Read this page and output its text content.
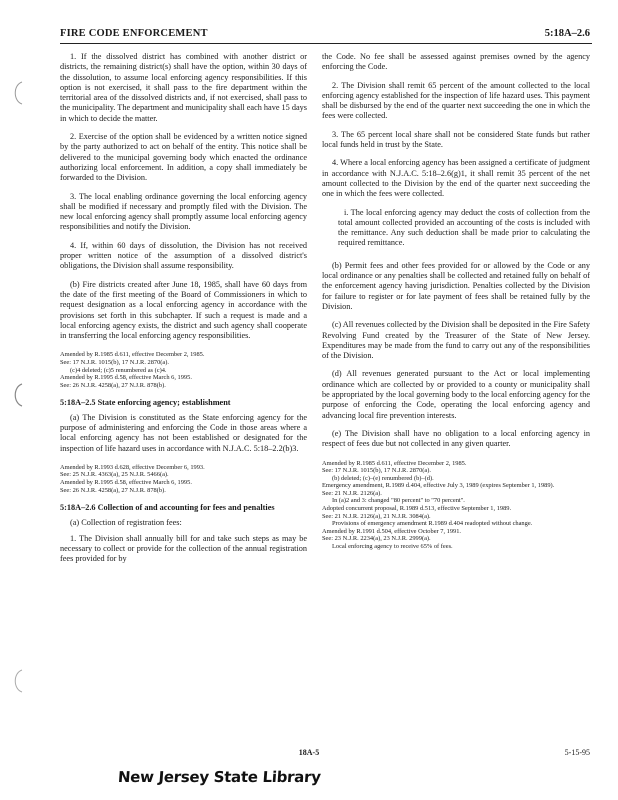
FIRE CODE ENFORCEMENT	5:18A–2.6

1. If the dissolved district has combined with another district or districts, the remaining district(s) shall have the option, within 30 days of the dissolution, to assume local enforcing agency responsibilities. If this option is not exercised, it shall pass to the fire department within the territorial area of the dissolved districts and, if not exercised, shall pass to the municipality. The department and municipality shall each have 15 days in which to decide the matter.

2. Exercise of the option shall be evidenced by a written notice signed by the party authorized to act on behalf of the entity. This notice shall be delivered to the municipal governing body which enacted the ordinance authorizing local enforcement. In addition, a copy shall immediately be forwarded to the Division.

3. The local enabling ordinance governing the local enforcing agency shall be modified if necessary and promptly filed with the Division. The new local enforcing agency shall promptly assume local enforcing agency responsibilities and notify the Division.

4. If, within 60 days of dissolution, the Division has not received proper written notice of the assumption of a dissolved district's obligations, the Division shall assume responsibility.

(b) Fire districts created after June 18, 1985, shall have 60 days from the date of the first meeting of the Board of Commissioners in which to request designation as a local enforcing agency in accordance with the provisions set forth in this subchapter. If such a request is made and a local enforcing agency exists, the district and such agency shall cooperate in transferring the local enforcing agency responsibilities.

Amended by R.1985 d.611, effective December 2, 1985.
See: 17 N.J.R. 1015(b), 17 N.J.R. 2870(a).
(c)4 deleted; (c)5 renumbered as (c)4.
Amended by R.1995 d.58, effective March 6, 1995.
See: 26 N.J.R. 4258(a), 27 N.J.R. 878(b).

5:18A–2.5 State enforcing agency; establishment

(a) The Division is constituted as the State enforcing agency for the purpose of administering and enforcing the Code in those areas where a local enforcing agency has not been established or designated for the inspection of life hazard uses in accordance with N.J.A.C. 5:18–2.2(b)3.

Amended by R.1993 d.628, effective December 6, 1993.
See: 25 N.J.R. 4363(a), 25 N.J.R. 5466(a).
Amended by R.1995 d.58, effective March 6, 1995.
See: 26 N.J.R. 4258(a), 27 N.J.R. 878(b).

5:18A–2.6 Collection of and accounting for fees and penalties

(a) Collection of registration fees:

1. The Division shall annually bill for and take such steps as may be necessary to collect or provide for the collection of the annual registration fees provided for by

the Code. No fee shall be assessed against premises owned by the agency enforcing the Code.

2. The Division shall remit 65 percent of the amount collected to the local enforcing agency established for the inspection of life hazard uses. This payment shall be disbursed by the end of the quarter next succeeding the one in which the fees were collected.

3. The 65 percent local share shall not be considered State funds but rather local funds held in trust by the State.

4. Where a local enforcing agency has been assigned a certificate of judgment in accordance with N.J.A.C. 5:18–2.6(g)1, it shall remit 35 percent of the net amount collected to the Division by the end of the quarter next succeeding the one in which the fees were collected.

i. The local enforcing agency may deduct the costs of collection from the total amount collected provided an accounting of the costs is included with the remittance. Any such deduction shall be made prior to calculating the required remittance.

(b) Permit fees and other fees provided for or allowed by the Code or any local ordinance or any penalties shall be collected and retained fully on behalf of the enforcement agency having jurisdiction. Penalties collected by the Division for failure to register or for late payment of fees shall be retained fully by the Division.

(c) All revenues collected by the Division shall be deposited in the Fire Safety Revolving Fund created by the Treasurer of the State of New Jersey. Expenditures may be made from the fund to carry out any of the responsibilities of the Division.

(d) All revenues generated pursuant to the Act or local implementing ordinance which are collected by or provided to a county or municipality shall be appropriated by the local governing body to the local enforcing agency for the purpose of enforcing the Code, operating the local enforcing agency and advancing local fire prevention interests.

(e) The Division shall have no obligation to a local enforcing agency in respect of fees due but not collected in any given quarter.

Amended by R.1985 d.611, effective December 2, 1985.
See: 17 N.J.R. 1015(b), 17 N.J.R. 2870(a).
(b) deleted; (c)–(e) renumbered (b)–(d).
Emergency amendment, R.1989 d.404, effective July 3, 1989 (expires September 1, 1989).
See: 21 N.J.R. 2126(a).
In (a)2 and 3: changed "80 percent" to "70 percent".
Adopted concurrent proposal, R.1989 d.513, effective September 1, 1989.
See: 21 N.J.R. 2126(a), 21 N.J.R. 3084(a).
Provisions of emergency amendment R.1989 d.404 readopted without change.
Amended by R.1991 d.504, effective October 7, 1991.
See: 23 N.J.R. 2234(a), 23 N.J.R. 2999(a).
Local enforcing agency to receive 65% of fees.
18A-5	5-15-95
New Jersey State Library
